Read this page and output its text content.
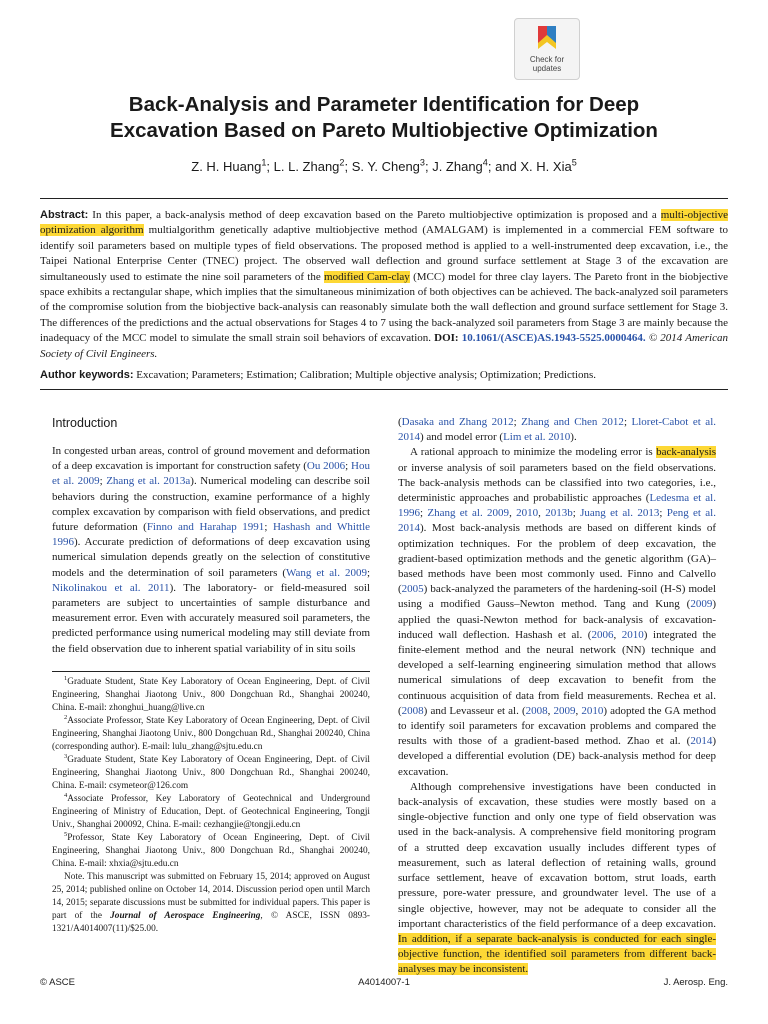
Check for
updates
Back-Analysis and Parameter Identification for Deep
Excavation Based on Pareto Multiobjective Optimization
Z. H. Huang$^1$; L. L. Zhang$^2$; S. Y. Cheng$^3$; J. Zhang$^4$; and X. H. Xia$^5$

Abstract: In this paper, a back-analysis method of deep excavation based on the Pareto multiobjective optimization is proposed and a multi-objective optimization algorithm multialgorithm genetically adaptive multiobjective method (AMALGAM) is implemented in a commercial FEM software to identify soil parameters based on multiple types of field observations. The proposed method is applied to a well-instrumented deep excavation, i.e., the Taipei National Enterprise Center (TNEC) project. The observed wall deflection and ground surface settlement at Stage 3 of the excavation are simultaneously used to estimate the nine soil parameters of the modified Cam-clay (MCC) model for three clay layers. The Pareto front in the biobjective space exhibits a rectangular shape, which implies that the simultaneous minimization of both objectives can be achieved. The back-analyzed soil parameters of the compromise solution from the biobjective back-analysis can reasonably simulate both the wall deflection and ground surface settlement for Stage 3. The differences of the predictions and the actual observations for Stages 4 to 7 using the back-analyzed soil parameters from Stage 3 are mainly because the inadequacy of the MCC model to simulate the small strain soil behaviors of excavation. DOI: 10.1061/(ASCE)AS.1943-5525.0000464. © 2014 American Society of Civil Engineers.

Author keywords: Excavation; Parameters; Estimation; Calibration; Multiple objective analysis; Optimization; Predictions.

Introduction

In congested urban areas, control of ground movement and deformation of a deep excavation is important for construction safety (Ou 2006; Hou et al. 2009; Zhang et al. 2013a). Numerical modeling can describe soil behaviors during the construction, examine performance of a highly complex excavation by comparison with field observations, and predict future deformation (Finno and Harahap 1991; Hashash and Whittle 1996). Accurate prediction of deformations of deep excavation using numerical simulation depends greatly on the selection of constitutive models and the determination of soil parameters (Wang et al. 2009; Nikolinakou et al. 2011). The laboratory- or field-measured soil parameters are subject to uncertainties of sample disturbance and measurement error. Even with accurately measured soil parameters, the predicted performance using numerical modeling may still deviate from the field observation due to inherent spatial variability of in situ soils

$^1$Graduate Student, State Key Laboratory of Ocean Engineering, Dept. of Civil Engineering, Shanghai Jiaotong Univ., 800 Dongchuan Rd., Shanghai 200240, China. E-mail: zhonghui_huang@live.cn

$^2$Associate Professor, State Key Laboratory of Ocean Engineering, Dept. of Civil Engineering, Shanghai Jiaotong Univ., 800 Dongchuan Rd., Shanghai 200240, China (corresponding author). E-mail: lulu_zhang@sjtu.edu.cn

$^3$Graduate Student, State Key Laboratory of Ocean Engineering, Dept. of Civil Engineering, Shanghai Jiaotong Univ., 800 Dongchuan Rd., Shanghai 200240, China. E-mail: csymeteor@126.com

$^4$Associate Professor, Key Laboratory of Geotechnical and Underground Engineering of Ministry of Education, Dept. of Geotechnical Engineering, Tongji Univ., Shanghai 200092, China. E-mail: cezhangjie@tongji.edu.cn

$^5$Professor, State Key Laboratory of Ocean Engineering, Dept. of Civil Engineering, Shanghai Jiaotong Univ., 800 Dongchuan Rd., Shanghai 200240, China. E-mail: xhxia@sjtu.edu.cn

Note. This manuscript was submitted on February 15, 2014; approved on August 25, 2014; published online on October 14, 2014. Discussion period open until March 14, 2015; separate discussions must be submitted for individual papers. This paper is part of the Journal of Aerospace Engineering, © ASCE, ISSN 0893-1321/A4014007(11)/$25.00.

(Dasaka and Zhang 2012; Zhang and Chen 2012; Lloret-Cabot et al. 2014) and model error (Lim et al. 2010).

A rational approach to minimize the modeling error is back-analysis or inverse analysis of soil parameters based on the field observations. The back-analysis methods can be classified into two categories, i.e., deterministic approaches and probabilistic approaches (Ledesma et al. 1996; Zhang et al. 2009, 2010, 2013b; Juang et al. 2013; Peng et al. 2014). Most back-analysis methods are based on different kinds of optimization techniques. For the problem of deep excavation, the gradient-based optimization methods and the genetic algorithm (GA)–based methods have been most commonly used. Finno and Calvello (2005) back-analyzed the parameters of the hardening-soil (H-S) model using a modified Gauss–Newton method. Tang and Kung (2009) applied the quasi-Newton method for back-analysis of excavation-induced wall deflection. Hashash et al. (2006, 2010) integrated the finite-element method and the neural network (NN) technique and developed a self-learning engineering simulation method that allows numerical simulations of deep excavation to benefit from the continuous acquisition of data from field measurements. Rechea et al. (2008) and Levasseur et al. (2008, 2009, 2010) adopted the GA method to identify soil parameters for excavation problems and compared the results with those of a gradient-based method. Zhao et al. (2014) developed a differential evolution (DE) back-analysis method for deep excavation.

Although comprehensive investigations have been conducted in back-analysis of excavation, these studies were mostly based on a single-objective function and only one type of field observation was used in the back-analysis. A comprehensive field monitoring program of a strutted deep excavation usually includes different types of measurement, such as lateral deflection of retaining walls, ground surface settlement, heave of excavation bottom, strut loads, earth pressure, pore-water pressure, and groundwater level. The use of a single objective, however, may not be adequate to consider all the important characteristics of the field performance of a deep excavation. In addition, if a separate back-analysis is conducted for each single-objective function, the identified soil parameters from different back-analyses may be inconsistent.

© ASCE	A4014007-1	J. Aerosp. Eng.
